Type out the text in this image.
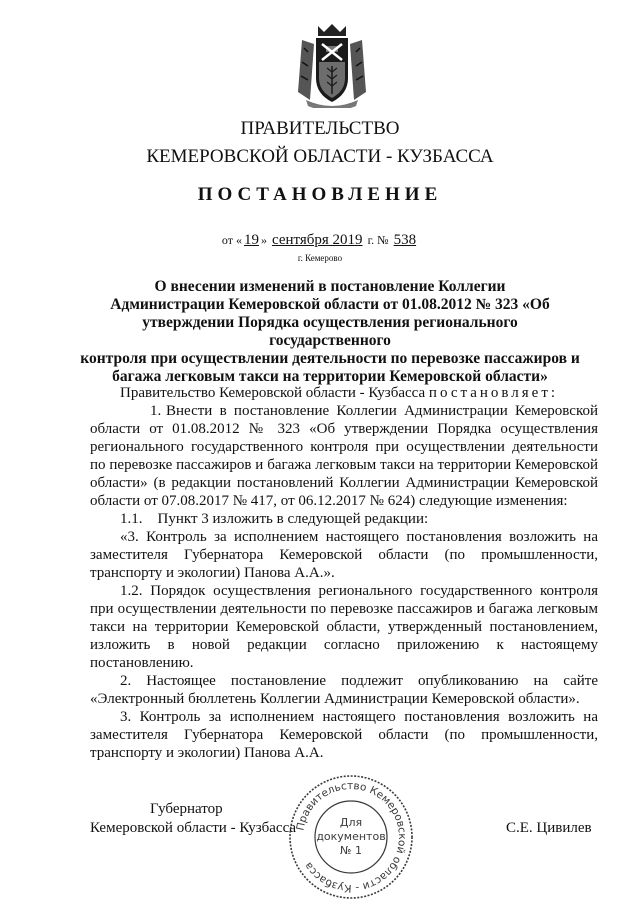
ПРАВИТЕЛЬСТВО
КЕМЕРОВСКОЙ ОБЛАСТИ - КУЗБАССА
ПОСТАНОВЛЕНИЕ
от « 19 » сентября 2019 г. № 538
г. Кемерово
О внесении изменений в постановление Коллегии
Администрации Кемеровской области от 01.08.2012 № 323 «Об
утверждении Порядка осуществления регионального государственного
контроля при осуществлении деятельности по перевозке пассажиров и
багажа легковым такси на территории Кемеровской области»

Правительство Кемеровской области - Кузбасса постановляет:

1. Внести в постановление Коллегии Администрации Кемеровской области от 01.08.2012 № 323 «Об утверждении Порядка осуществления регионального государственного контроля при осуществлении деятельности по перевозке пассажиров и багажа легковым такси на территории Кемеровской области» (в редакции постановлений Коллегии Администрации Кемеровской области от 07.08.2017 № 417, от 06.12.2017 № 624) следующие изменения:

1.1.    Пункт 3 изложить в следующей редакции:

«3. Контроль за исполнением настоящего постановления возложить на заместителя Губернатора Кемеровской области (по промышленности, транспорту и экологии) Панова А.А.».

1.2. Порядок осуществления регионального государственного контроля при осуществлении деятельности по перевозке пассажиров и багажа легковым такси на территории Кемеровской области, утвержденный постановлением, изложить в новой редакции согласно приложению к настоящему постановлению.

2. Настоящее постановление подлежит опубликованию на сайте «Электронный бюллетень Коллегии Администрации Кемеровской области».

3. Контроль за исполнением настоящего постановления возложить на заместителя Губернатора Кемеровской области (по промышленности, транспорту и экологии) Панова А.А.

Губернатор
Кемеровской области - Кузбасса	С.Е. Цивилев
Правительство Кемеровской области - Кузбасса
Для
документов
№ 1
